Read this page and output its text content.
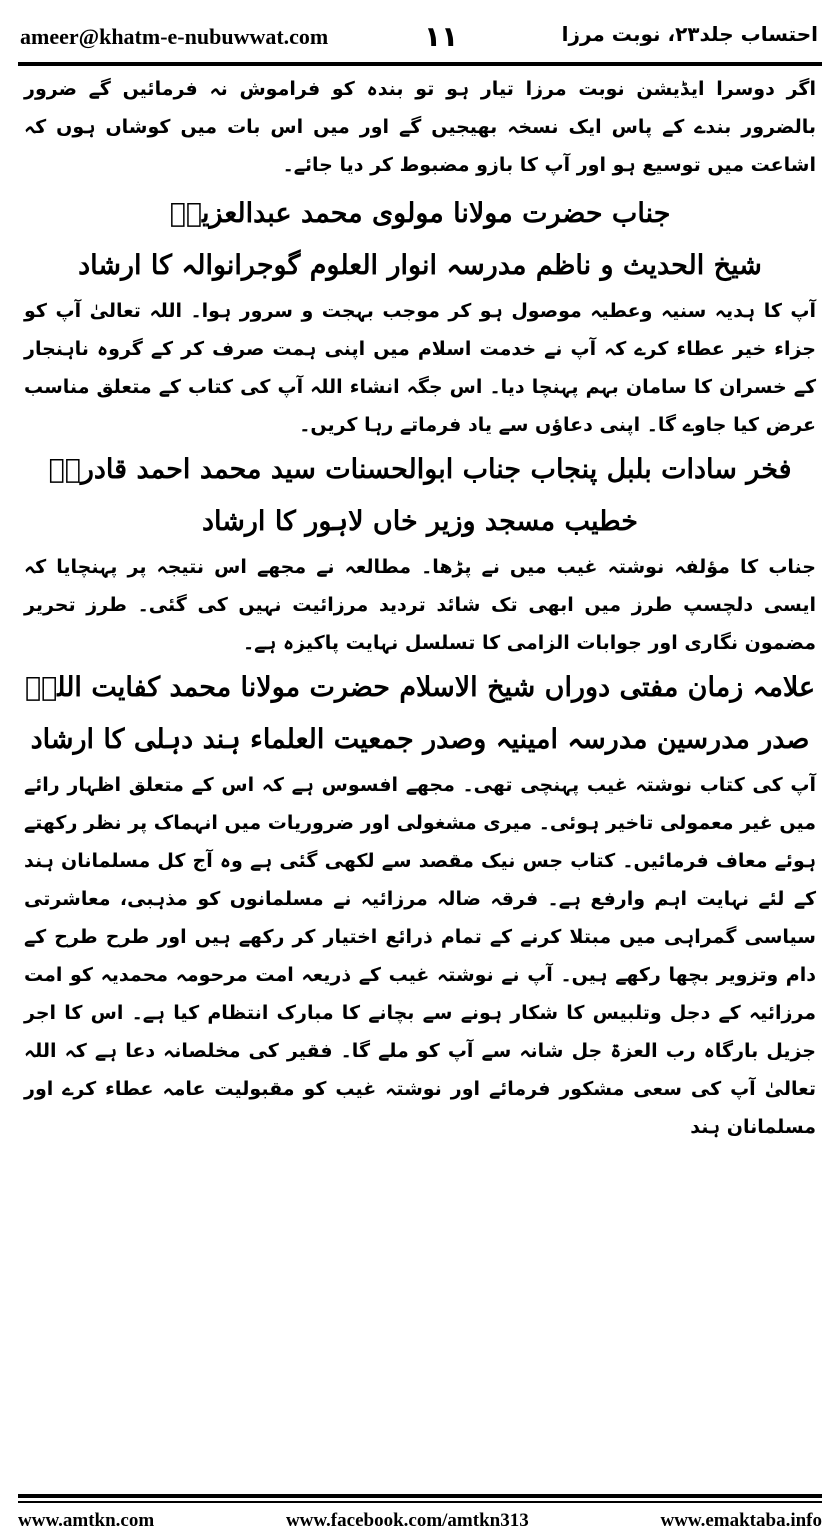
ameer@khatm-e-nubuwwat.com	۱۱	احتساب جلد۲۳، نوبت مرزا

اگر دوسرا ایڈیشن نوبت مرزا تیار ہو تو بندہ کو فراموش نہ فرمائیں گے ضرور بالضرور بندے کے پاس ایک نسخہ بھیجیں گے اور میں اس بات میں کوشاں ہوں کہ اشاعت میں توسیع ہو اور آپ کا بازو مضبوط کر دیا جائے۔

جناب حضرت مولانا مولوی محمد عبدالعزیزؒ
شیخ الحدیث و ناظم مدرسہ انوار العلوم گوجرانوالہ کا ارشاد

آپ کا ہدیہ سنیہ وعطیہ موصول ہو کر موجب بہجت و سرور ہوا۔ اللہ تعالیٰ آپ کو جزاء خیر عطاء کرے کہ آپ نے خدمت اسلام میں اپنی ہمت صرف کر کے گروہ ناہنجار کے خسران کا سامان بہم پہنچا دیا۔ اس جگہ انشاء اللہ آپ کی کتاب کے متعلق مناسب عرض کیا جاوے گا۔ اپنی دعاؤں سے یاد فرماتے رہا کریں۔

فخر سادات بلبل پنجاب جناب ابوالحسنات سید محمد احمد قادریؒ
خطیب مسجد وزیر خاں لاہور کا ارشاد

جناب کا مؤلفہ نوشتہ غیب میں نے پڑھا۔ مطالعہ نے مجھے اس نتیجہ پر پہنچایا کہ ایسی دلچسپ طرز میں ابھی تک شائد تردید مرزائیت نہیں کی گئی۔ طرز تحریر مضمون نگاری اور جوابات الزامی کا تسلسل نہایت پاکیزہ ہے۔

علامہ زمان مفتی دوراں شیخ الاسلام حضرت مولانا محمد کفایت اللہؒ
صدر مدرسین مدرسہ امینیہ وصدر جمعیت العلماء ہند دہلی کا ارشاد

آپ کی کتاب نوشتہ غیب پہنچی تھی۔ مجھے افسوس ہے کہ اس کے متعلق اظہار رائے میں غیر معمولی تاخیر ہوئی۔ میری مشغولی اور ضروریات میں انہماک پر نظر رکھتے ہوئے معاف فرمائیں۔ کتاب جس نیک مقصد سے لکھی گئی ہے وہ آج کل مسلمانان ہند کے لئے نہایت اہم وارفع ہے۔ فرقہ ضالہ مرزائیہ نے مسلمانوں کو مذہبی، معاشرتی سیاسی گمراہی میں مبتلا کرنے کے تمام ذرائع اختیار کر رکھے ہیں اور طرح طرح کے دام وتزویر بچھا رکھے ہیں۔ آپ نے نوشتہ غیب کے ذریعہ امت مرحومہ محمدیہ کو امت مرزائیہ کے دجل وتلبیس کا شکار ہونے سے بچانے کا مبارک انتظام کیا ہے۔ اس کا اجر جزیل بارگاہ رب العزۃ جل شانہ سے آپ کو ملے گا۔ فقیر کی مخلصانہ دعا ہے کہ اللہ تعالیٰ آپ کی سعی مشکور فرمائے اور نوشتہ غیب کو مقبولیت عامہ عطاء کرے اور مسلمانان ہند

www.amtkn.com	www.facebook.com/amtkn313	www.emaktaba.info
